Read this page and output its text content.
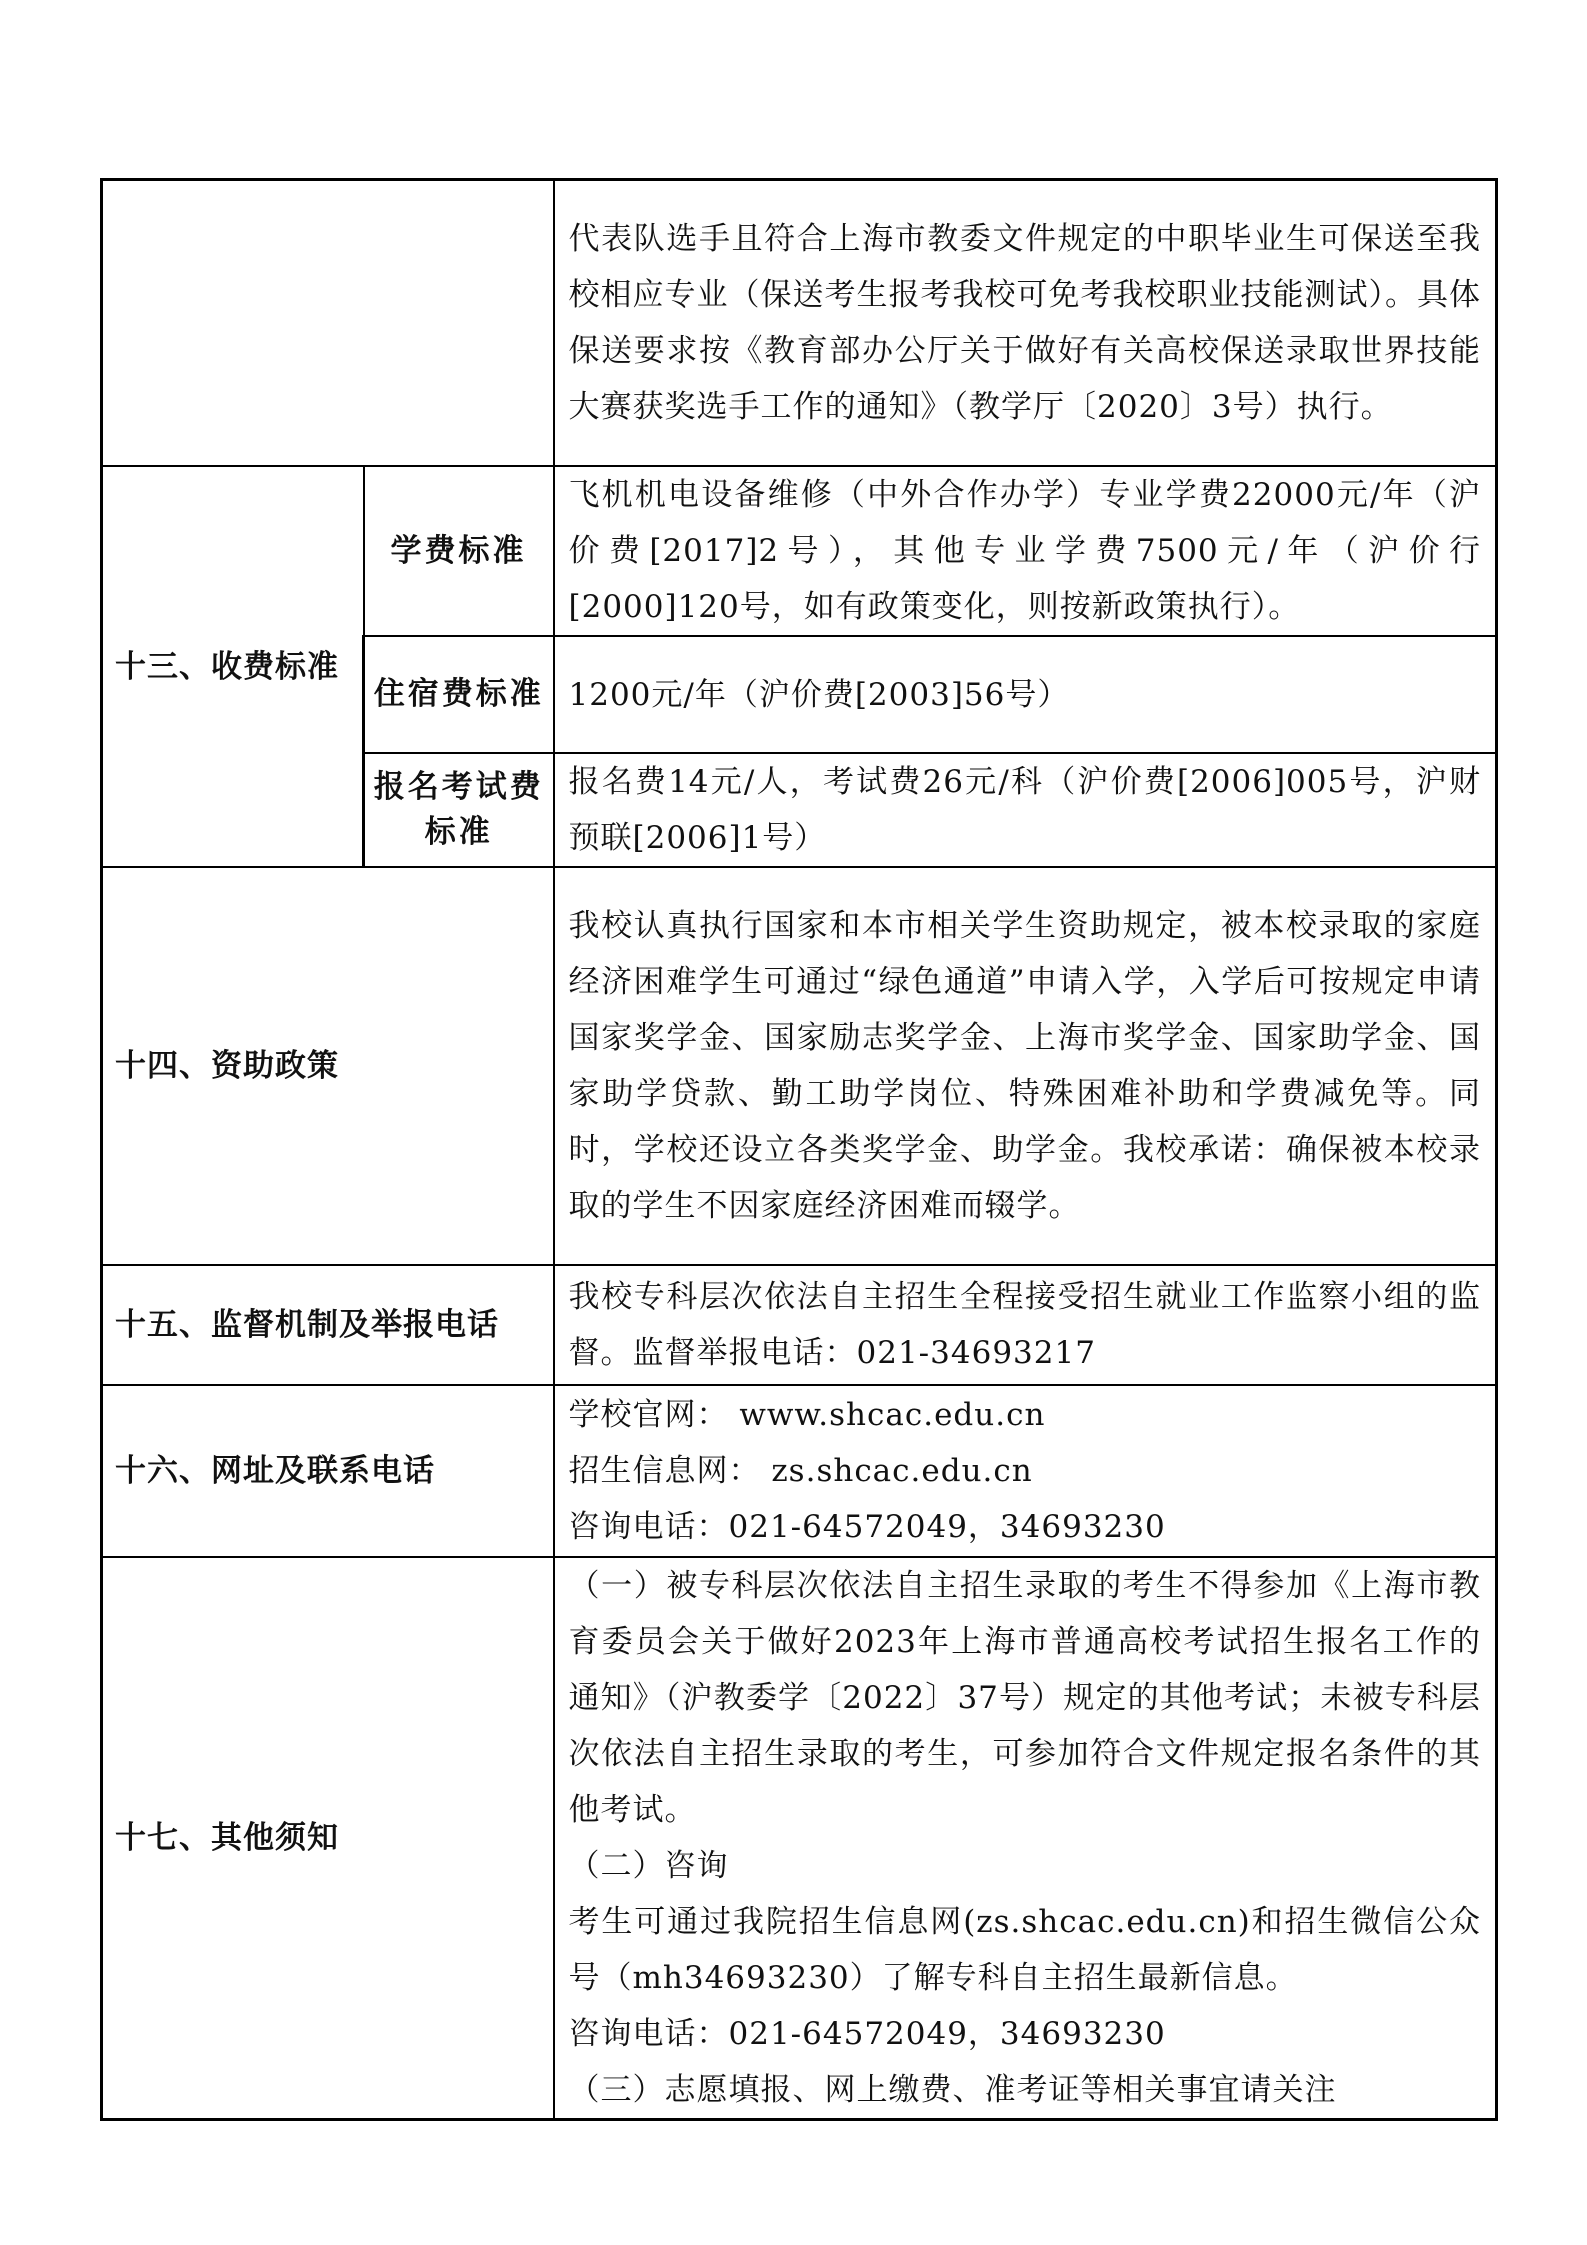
		代表队选手且符合上海市教委文件规定的中职毕业生可保送至我校相应专业（保送考生报考我校可免考我校职业技能测试）。具体保送要求按《教育部办公厅关于做好有关高校保送录取世界技能大赛获奖选手工作的通知》（教学厅〔2020〕3号）执行。
十三、收费标准	学费标准	飞机机电设备维修（中外合作办学）专业学费22000元/年（沪价费[2017]2号），其他专业学费7500元/年（沪价行[2000]120号，如有政策变化，则按新政策执行）。
	住宿费标准	1200元/年（沪价费[2003]56号）
	报名考试费标准	报名费14元/人，考试费26元/科（沪价费[2006]005号，沪财预联[2006]1号）
十四、资助政策		我校认真执行国家和本市相关学生资助规定，被本校录取的家庭经济困难学生可通过“绿色通道”申请入学，入学后可按规定申请国家奖学金、国家励志奖学金、上海市奖学金、国家助学金、国家助学贷款、勤工助学岗位、特殊困难补助和学费减免等。同时，学校还设立各类奖学金、助学金。我校承诺：确保被本校录取的学生不因家庭经济困难而辍学。
十五、监督机制及举报电话		我校专科层次依法自主招生全程接受招生就业工作监察小组的监督。监督举报电话：021-34693217
十六、网址及联系电话		学校官网： www.shcac.edu.cn

招生信息网： zs.shcac.edu.cn

咨询电话：021-64572049，34693230

十七、其他须知		（一）被专科层次依法自主招生录取的考生不得参加《上海市教育委员会关于做好2023年上海市普通高校考试招生报名工作的通知》（沪教委学〔2022〕37号）规定的其他考试；未被专科层次依法自主招生录取的考生，可参加符合文件规定报名条件的其他考试。

（二）咨询

考生可通过我院招生信息网(zs.shcac.edu.cn)和招生微信公众号（mh34693230）了解专科自主招生最新信息。

咨询电话：021-64572049，34693230

（三）志愿填报、网上缴费、准考证等相关事宜请关注
